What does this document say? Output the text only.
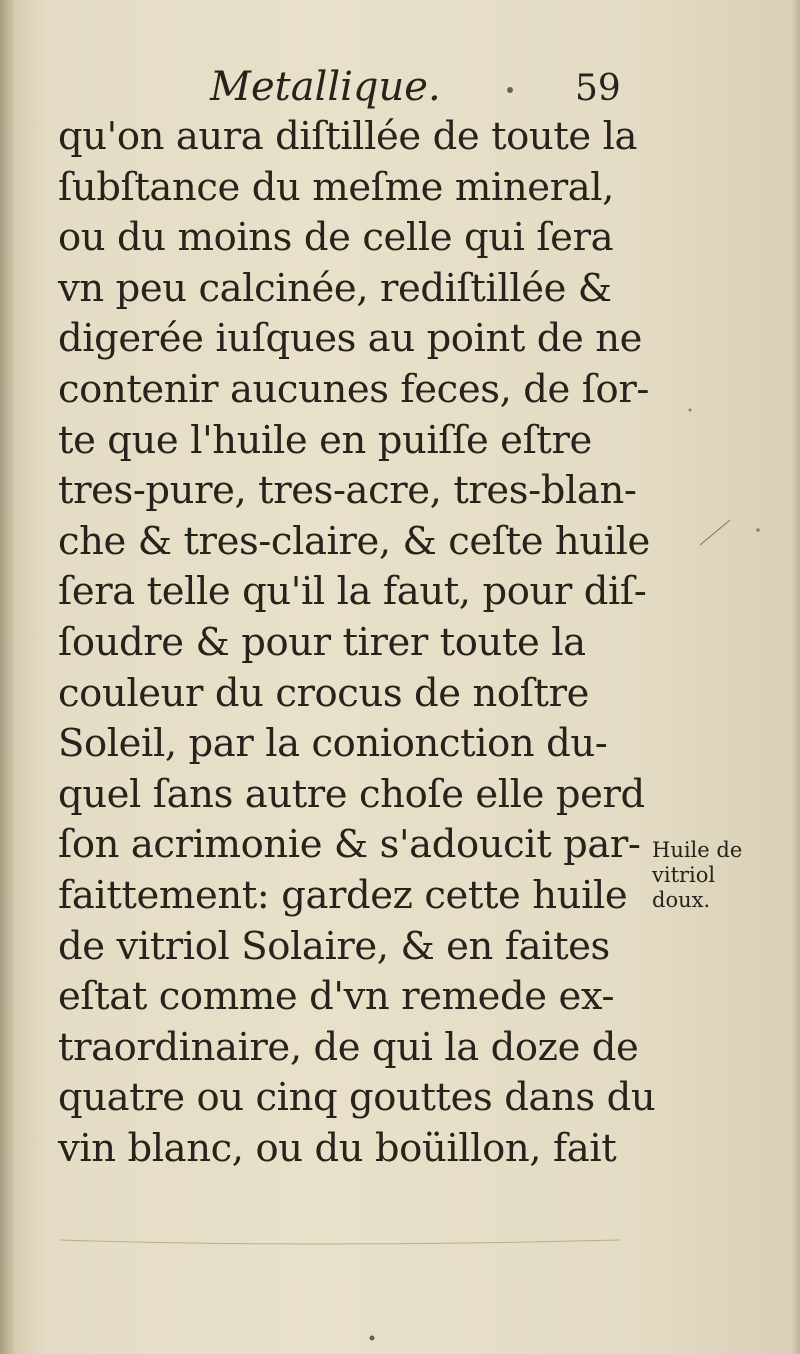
Metallique.	59
qu'on aura diſtillée de toute la
ſubſtance du meſme mineral,
ou du moins de celle qui ſera
vn peu calcinée, rediſtillée &
digerée iuſques au point de ne
contenir aucunes feces, de ſor-
te que l'huile en puiſſe eſtre
tres-pure, tres-acre, tres-blan-
che & tres-claire, & ceſte huile
ſera telle qu'il la faut, pour diſ-
ſoudre & pour tirer toute la
couleur du crocus de noſtre
Soleil, par la conionction du-
quel ſans autre choſe elle perd
ſon acrimonie & s'adoucit par-
faittement: gardez cette huile
de vitriol Solaire, & en faites
eſtat comme d'vn remede ex-
traordinaire, de qui la doze de
quatre ou cinq gouttes dans du
vin blanc, ou du boüillon, fait
Huile de
vitriol
doux.
